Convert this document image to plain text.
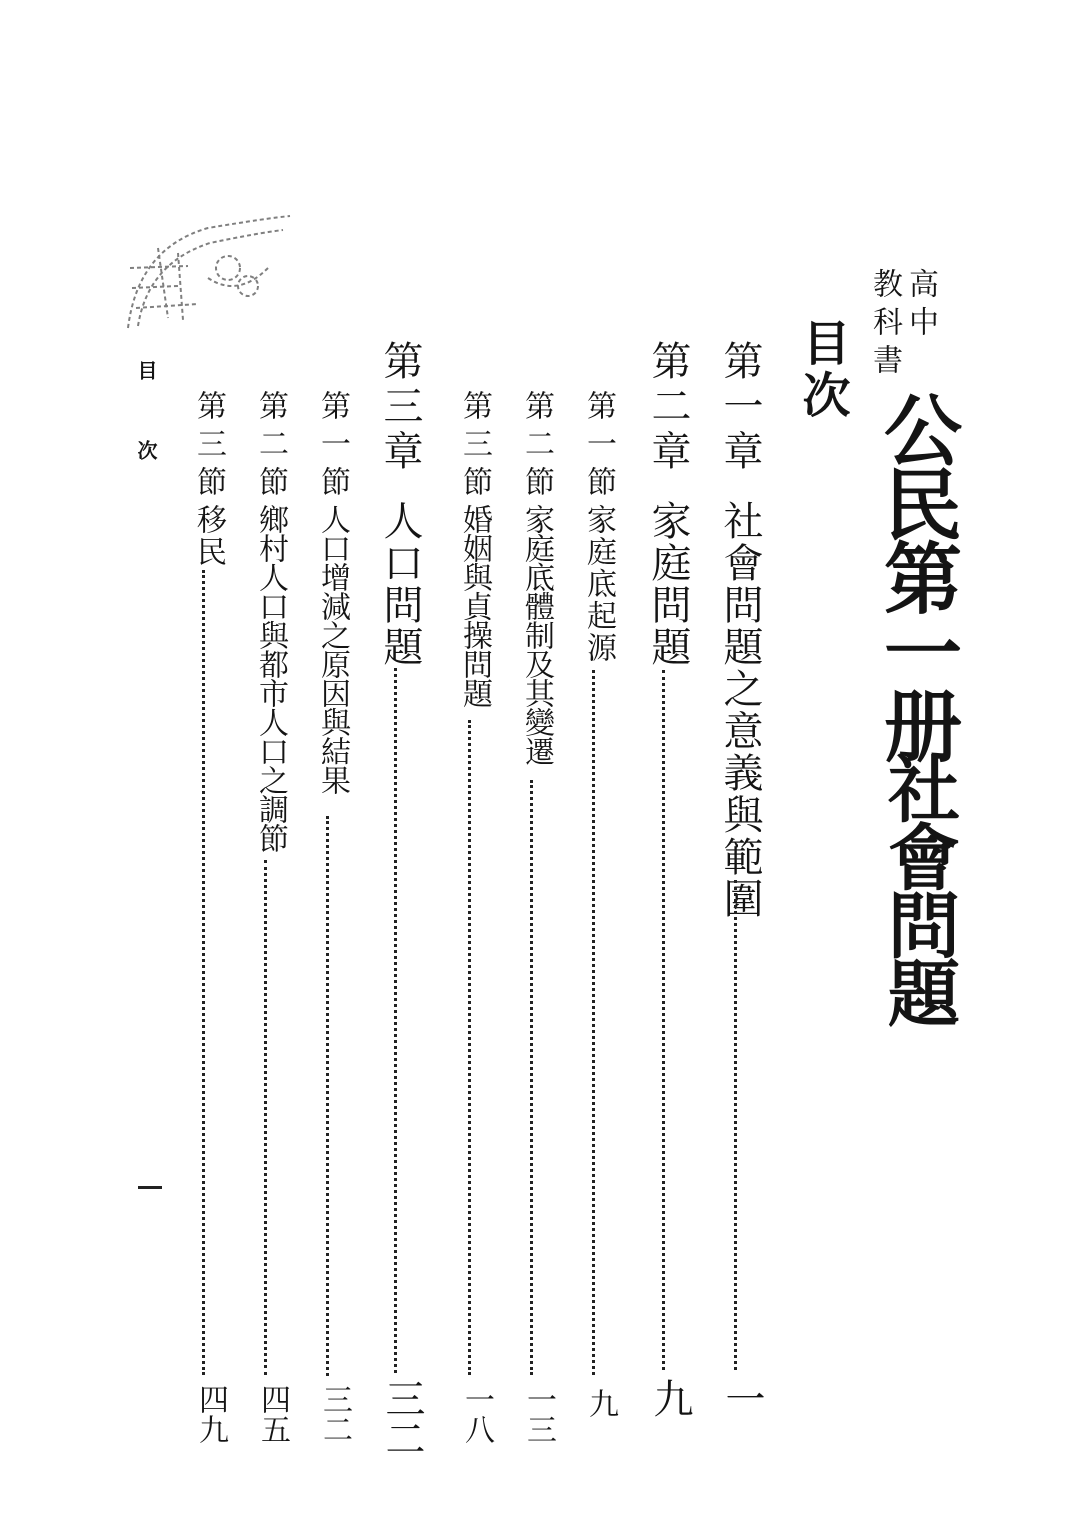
高中
教科書
公民第一册
社會問題
目次
第一章
社會問題之意義與範圍
一
第二章
家庭問題
九
第一節
家庭底起源
九
第二節
家庭底體制及其變遷
一三
第三節
婚姻與貞操問題
一八
第三章
人口問題
三二
第一節
人口增減之原因與結果
三二
第二節
鄉村人口與都市人口之調節
四五
第三節
移民
四九
目　次
